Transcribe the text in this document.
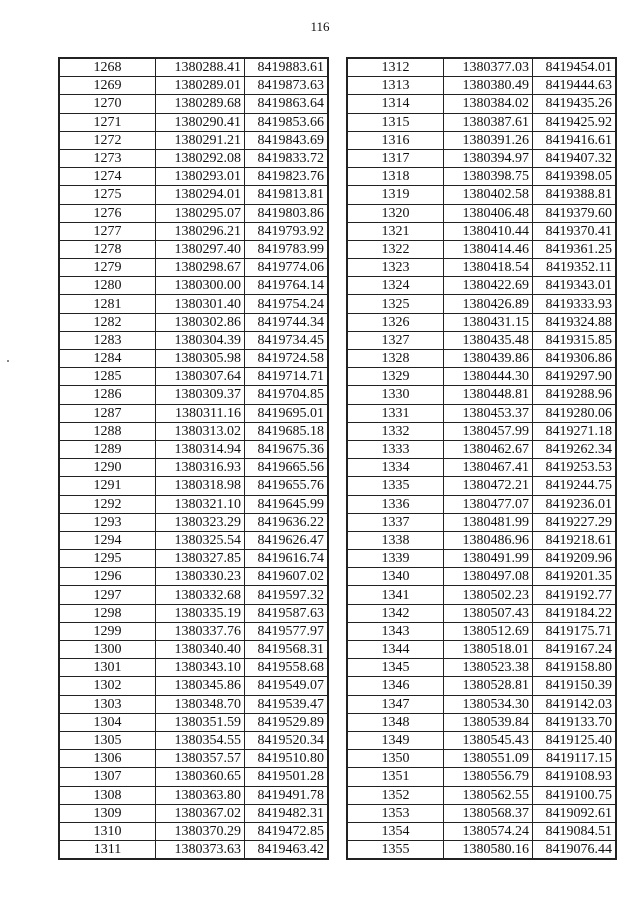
116
1268	1380288.41	8419883.61
1269	1380289.01	8419873.63
1270	1380289.68	8419863.64
1271	1380290.41	8419853.66
1272	1380291.21	8419843.69
1273	1380292.08	8419833.72
1274	1380293.01	8419823.76
1275	1380294.01	8419813.81
1276	1380295.07	8419803.86
1277	1380296.21	8419793.92
1278	1380297.40	8419783.99
1279	1380298.67	8419774.06
1280	1380300.00	8419764.14
1281	1380301.40	8419754.24
1282	1380302.86	8419744.34
1283	1380304.39	8419734.45
1284	1380305.98	8419724.58
1285	1380307.64	8419714.71
1286	1380309.37	8419704.85
1287	1380311.16	8419695.01
1288	1380313.02	8419685.18
1289	1380314.94	8419675.36
1290	1380316.93	8419665.56
1291	1380318.98	8419655.76
1292	1380321.10	8419645.99
1293	1380323.29	8419636.22
1294	1380325.54	8419626.47
1295	1380327.85	8419616.74
1296	1380330.23	8419607.02
1297	1380332.68	8419597.32
1298	1380335.19	8419587.63
1299	1380337.76	8419577.97
1300	1380340.40	8419568.31
1301	1380343.10	8419558.68
1302	1380345.86	8419549.07
1303	1380348.70	8419539.47
1304	1380351.59	8419529.89
1305	1380354.55	8419520.34
1306	1380357.57	8419510.80
1307	1380360.65	8419501.28
1308	1380363.80	8419491.78
1309	1380367.02	8419482.31
1310	1380370.29	8419472.85
1311	1380373.63	8419463.42
1312	1380377.03	8419454.01
1313	1380380.49	8419444.63
1314	1380384.02	8419435.26
1315	1380387.61	8419425.92
1316	1380391.26	8419416.61
1317	1380394.97	8419407.32
1318	1380398.75	8419398.05
1319	1380402.58	8419388.81
1320	1380406.48	8419379.60
1321	1380410.44	8419370.41
1322	1380414.46	8419361.25
1323	1380418.54	8419352.11
1324	1380422.69	8419343.01
1325	1380426.89	8419333.93
1326	1380431.15	8419324.88
1327	1380435.48	8419315.85
1328	1380439.86	8419306.86
1329	1380444.30	8419297.90
1330	1380448.81	8419288.96
1331	1380453.37	8419280.06
1332	1380457.99	8419271.18
1333	1380462.67	8419262.34
1334	1380467.41	8419253.53
1335	1380472.21	8419244.75
1336	1380477.07	8419236.01
1337	1380481.99	8419227.29
1338	1380486.96	8419218.61
1339	1380491.99	8419209.96
1340	1380497.08	8419201.35
1341	1380502.23	8419192.77
1342	1380507.43	8419184.22
1343	1380512.69	8419175.71
1344	1380518.01	8419167.24
1345	1380523.38	8419158.80
1346	1380528.81	8419150.39
1347	1380534.30	8419142.03
1348	1380539.84	8419133.70
1349	1380545.43	8419125.40
1350	1380551.09	8419117.15
1351	1380556.79	8419108.93
1352	1380562.55	8419100.75
1353	1380568.37	8419092.61
1354	1380574.24	8419084.51
1355	1380580.16	8419076.44
